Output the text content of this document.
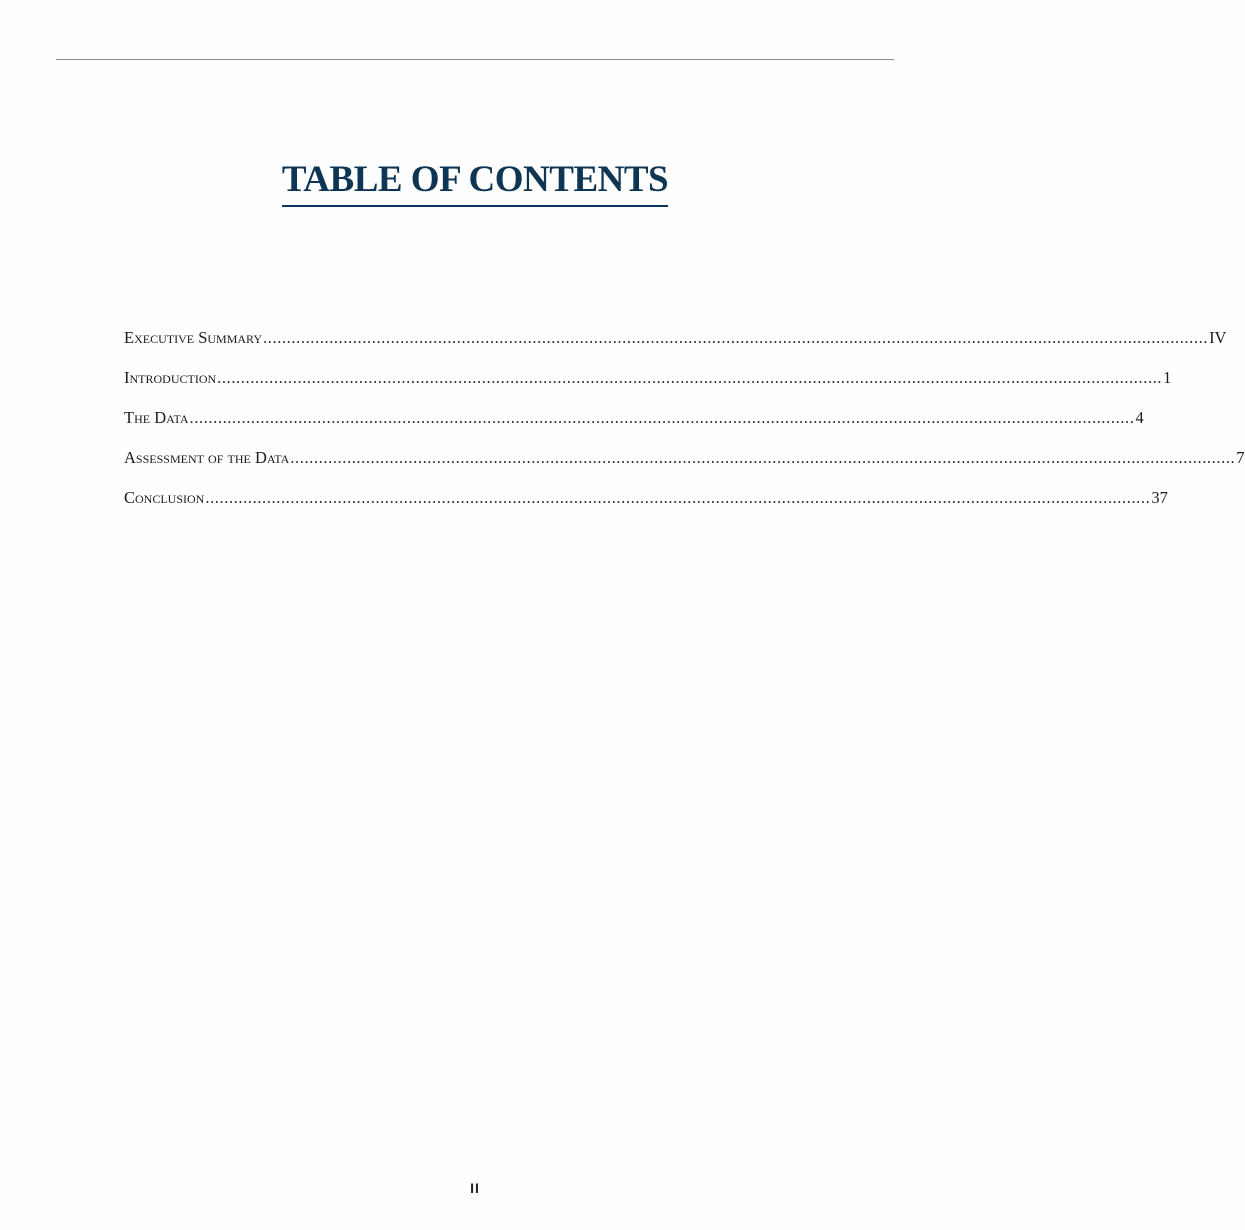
TABLE OF CONTENTS
Executive Summary ........................................................................................................................................................................................................ IV
Introduction ........................................................................................................................................................................................................ 1
The Data ........................................................................................................................................................................................................ 4
Assessment of the Data ........................................................................................................................................................................................................ 7
Conclusion ........................................................................................................................................................................................................ 37
II
